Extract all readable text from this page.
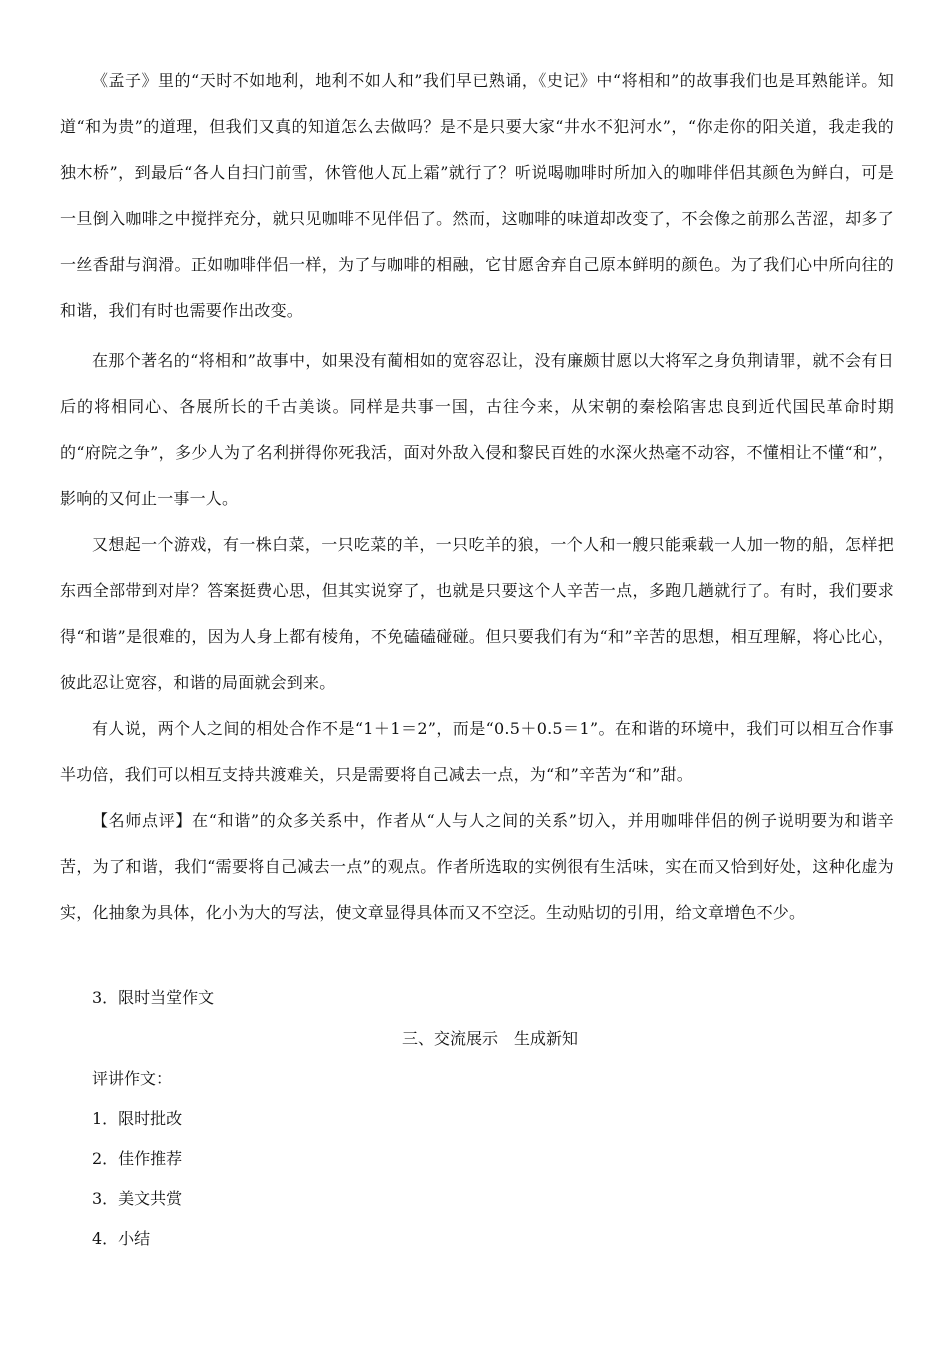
《孟子》里的“天时不如地利，地利不如人和”我们早已熟诵，《史记》中“将相和”的故事我们也是耳熟能详。知道“和为贵”的道理，但我们又真的知道怎么去做吗？是不是只要大家“井水不犯河水”，“你走你的阳关道，我走我的独木桥”，到最后“各人自扫门前雪，休管他人瓦上霜”就行了？听说喝咖啡时所加入的咖啡伴侣其颜色为鲜白，可是一旦倒入咖啡之中搅拌充分，就只见咖啡不见伴侣了。然而，这咖啡的味道却改变了，不会像之前那么苦涩，却多了一丝香甜与润滑。正如咖啡伴侣一样，为了与咖啡的相融，它甘愿舍弃自己原本鲜明的颜色。为了我们心中所向往的和谐，我们有时也需要作出改变。

在那个著名的“将相和”故事中，如果没有蔺相如的宽容忍让，没有廉颇甘愿以大将军之身负荆请罪，就不会有日后的将相同心、各展所长的千古美谈。同样是共事一国，古往今来，从宋朝的秦桧陷害忠良到近代国民革命时期的“府院之争”，多少人为了名利拼得你死我活，面对外敌入侵和黎民百姓的水深火热毫不动容，不懂相让不懂“和”，影响的又何止一事一人。

又想起一个游戏，有一株白菜，一只吃菜的羊，一只吃羊的狼，一个人和一艘只能乘载一人加一物的船，怎样把东西全部带到对岸？答案挺费心思，但其实说穿了，也就是只要这个人辛苦一点，多跑几趟就行了。有时，我们要求得“和谐”是很难的，因为人身上都有棱角，不免磕磕碰碰。但只要我们有为“和”辛苦的思想，相互理解，将心比心，彼此忍让宽容，和谐的局面就会到来。

有人说，两个人之间的相处合作不是“1＋1＝2”，而是“0.5＋0.5＝1”。在和谐的环境中，我们可以相互合作事半功倍，我们可以相互支持共渡难关，只是需要将自己减去一点，为“和”辛苦为“和”甜。

【名师点评】在“和谐”的众多关系中，作者从“人与人之间的关系”切入，并用咖啡伴侣的例子说明要为和谐辛苦，为了和谐，我们“需要将自己减去一点”的观点。作者所选取的实例很有生活味，实在而又恰到好处，这种化虚为实，化抽象为具体，化小为大的写法，使文章显得具体而又不空泛。生动贴切的引用，给文章增色不少。

3．限时当堂作文

三、交流展示　生成新知

评讲作文：

1．限时批改

2．佳作推荐

3．美文共赏

4．小结
